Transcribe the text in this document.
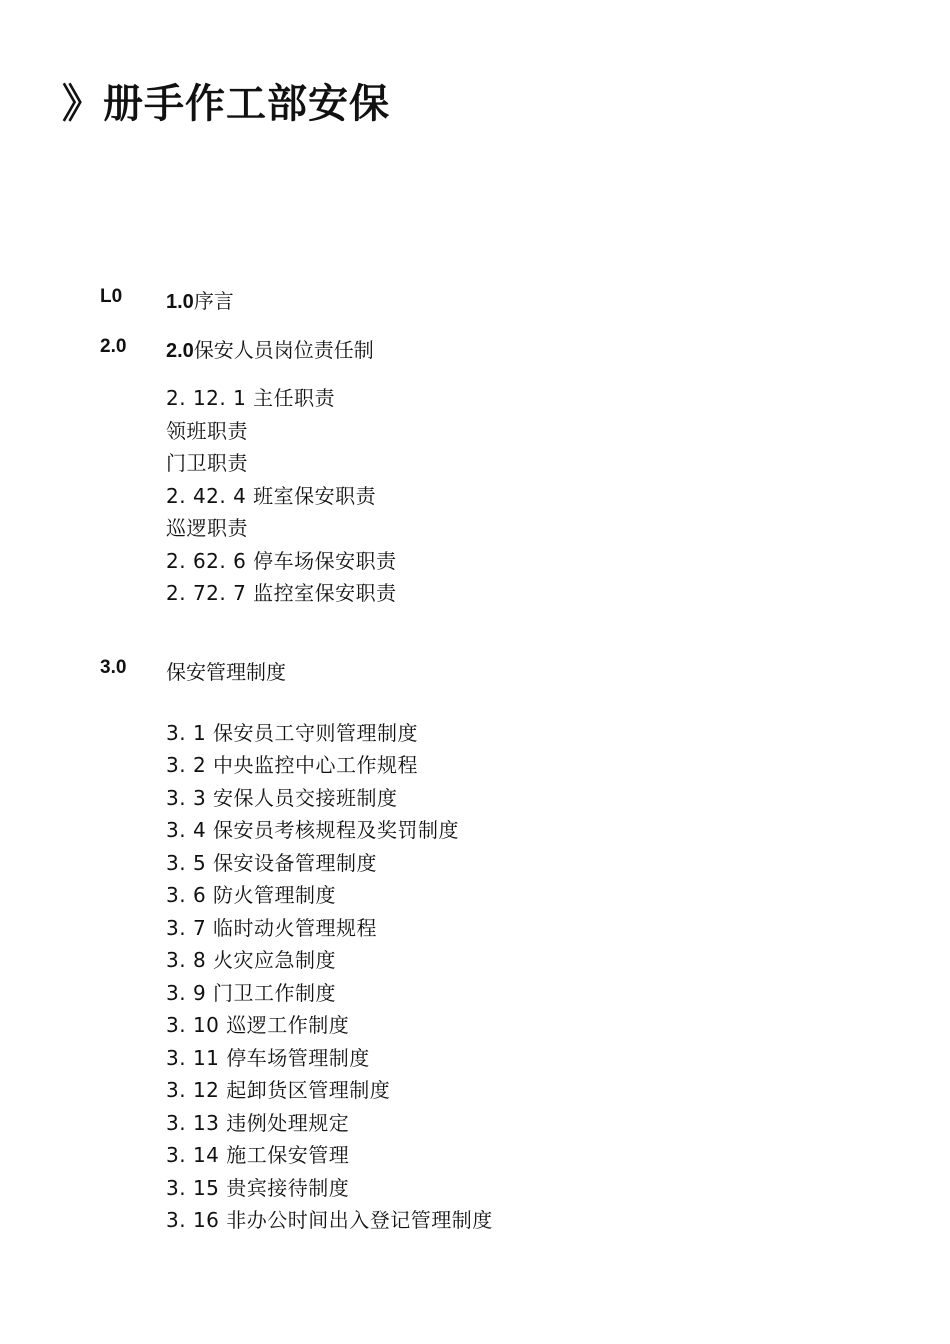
》册手作工部安保
L0 1.0序言
2.0 2.0保安人员岗位责任制
2. 12. 1 主任职责
领班职责
门卫职责
2. 42. 4 班室保安职责
巡逻职责
2. 62. 6 停车场保安职责
2. 72. 7 监控室保安职责
3.0 保安管理制度
3. 1 保安员工守则管理制度
3. 2 中央监控中心工作规程
3. 3 安保人员交接班制度
3. 4 保安员考核规程及奖罚制度
3. 5 保安设备管理制度
3. 6 防火管理制度
3. 7 临时动火管理规程
3. 8 火灾应急制度
3. 9 门卫工作制度
3. 10 巡逻工作制度
3. 11 停车场管理制度
3. 12 起卸货区管理制度
3. 13 违例处理规定
3. 14 施工保安管理
3. 15 贵宾接待制度
3. 16 非办公时间出入登记管理制度
